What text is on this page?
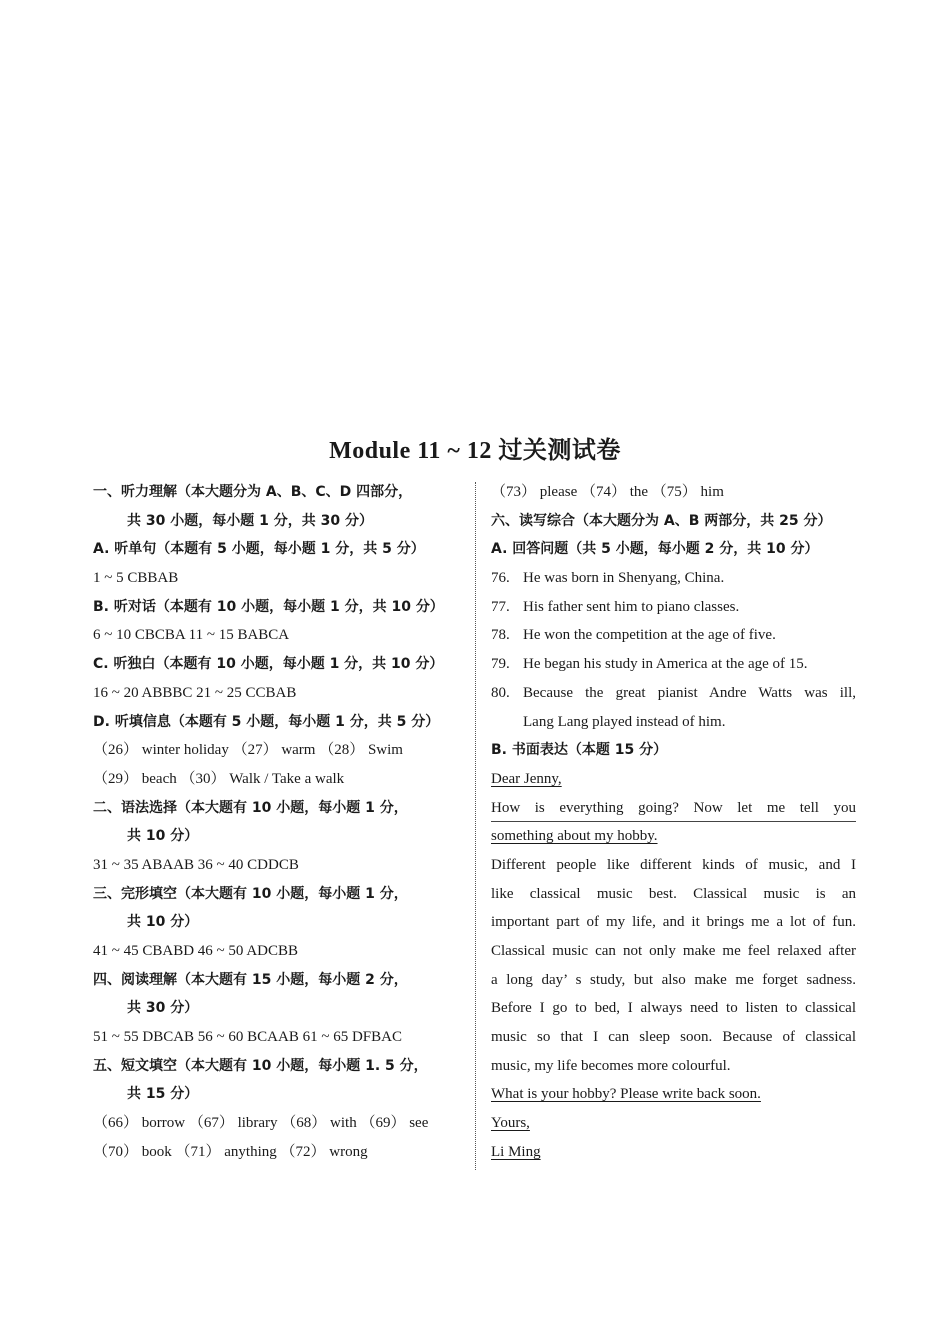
Module 11 ~ 12 过关测试卷
一、听力理解（本大题分为 A、B、C、D 四部分，
共 30 小题，每小题 1 分，共 30 分）
A. 听单句（本题有 5 小题，每小题 1 分，共 5 分）
1 ~ 5 CBBAB
B. 听对话（本题有 10 小题，每小题 1 分，共 10 分）
6 ~ 10 CBCBA 11 ~ 15 BABCA
C. 听独白（本题有 10 小题，每小题 1 分，共 10 分）
16 ~ 20 ABBBC 21 ~ 25 CCBAB
D. 听填信息（本题有 5 小题，每小题 1 分，共 5 分）
（26） winter holiday （27） warm （28） Swim
（29） beach （30） Walk / Take a walk
二、语法选择（本大题有 10 小题，每小题 1 分，
共 10 分）
31 ~ 35 ABAAB 36 ~ 40 CDDCB
三、完形填空（本大题有 10 小题，每小题 1 分，
共 10 分）
41 ~ 45 CBABD 46 ~ 50 ADCBB
四、阅读理解（本大题有 15 小题，每小题 2 分，
共 30 分）
51 ~ 55 DBCAB 56 ~ 60 BCAAB 61 ~ 65 DFBAC
五、短文填空（本大题有 10 小题，每小题 1. 5 分，
共 15 分）
（66） borrow （67） library （68） with （69） see
（70） book （71） anything （72） wrong
（73） please （74） the （75） him
六、读写综合（本大题分为 A、B 两部分，共 25 分）
A. 回答问题（共 5 小题，每小题 2 分，共 10 分）
76. He was born in Shenyang, China.
77. His father sent him to piano classes.
78. He won the competition at the age of five.
79. He began his study in America at the age of 15.
80. Because the great pianist Andre Watts was ill,
Lang Lang played instead of him.
B. 书面表达（本题 15 分）
Dear Jenny,
How is everything going? Now let me tell you
something about my hobby.
Different people like different kinds of music, and I
like classical music best. Classical music is an
important part of my life, and it brings me a lot of fun.
Classical music can not only make me feel relaxed after
a long day’ s study, but also make me forget sadness.
Before I go to bed, I always need to listen to classical
music so that I can sleep soon. Because of classical
music, my life becomes more colourful.
What is your hobby? Please write back soon.
Yours,
Li Ming
